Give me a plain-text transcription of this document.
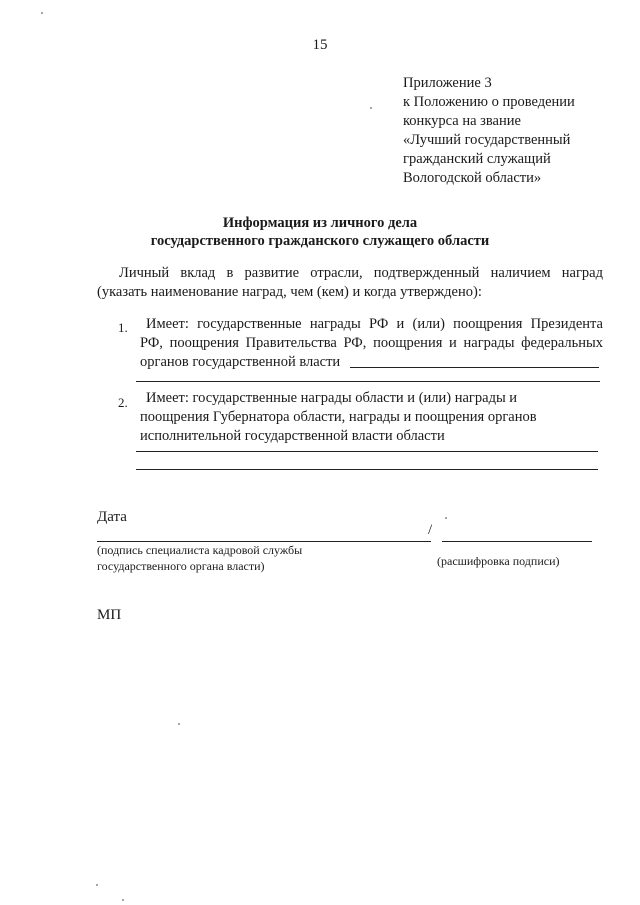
15
Приложение 3
к Положению о проведении
конкурса на звание
«Лучший государственный
гражданский служащий
Вологодской области»
Информация из личного дела
государственного гражданского служащего области
Личный вклад в развитие отрасли, подтвержденный наличием наград
(указать наименование наград, чем (кем) и когда утверждено):
1.	Имеет: государственные награды РФ и (или) поощрения Президента
РФ, поощрения Правительства РФ, поощрения и награды федеральных
органов государственной власти
2.	Имеет: государственные награды области и (или) награды и
поощрения Губернатора области, награды и поощрения органов
исполнительной государственной власти области
Дата
/
(подпись специалиста кадровой службы
государственного органа власти)	(расшифровка подписи)
МП
